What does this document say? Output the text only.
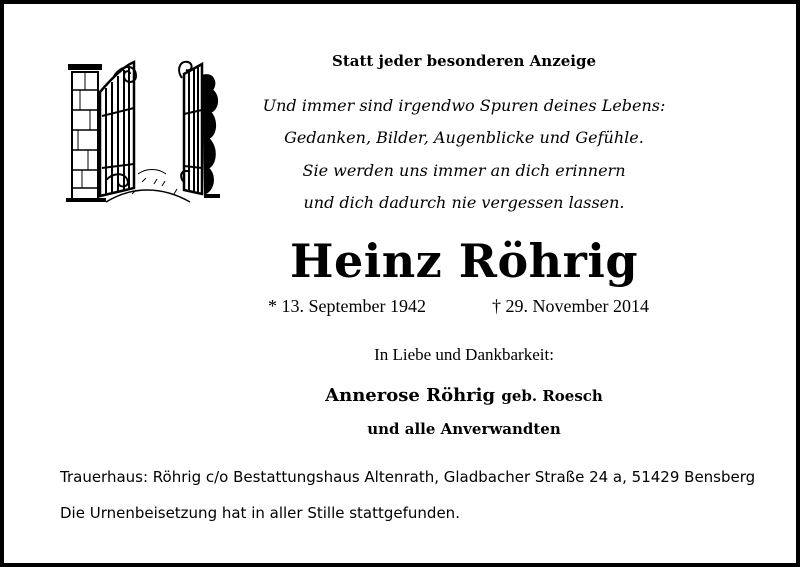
Statt jeder besonderen Anzeige
Und immer sind irgendwo Spuren deines Lebens:
Gedanken, Bilder, Augenblicke und Gefühle.
Sie werden uns immer an dich erinnern
und dich dadurch nie vergessen lassen.
Heinz Röhrig
* 13. September 1942	† 29. November 2014
In Liebe und Dankbarkeit:
Annerose Röhrig geb. Roesch
und alle Anverwandten
Trauerhaus: Röhrig c/o Bestattungshaus Altenrath, Gladbacher Straße 24 a, 51429 Bensberg
Die Urnenbeisetzung hat in aller Stille stattgefunden.
